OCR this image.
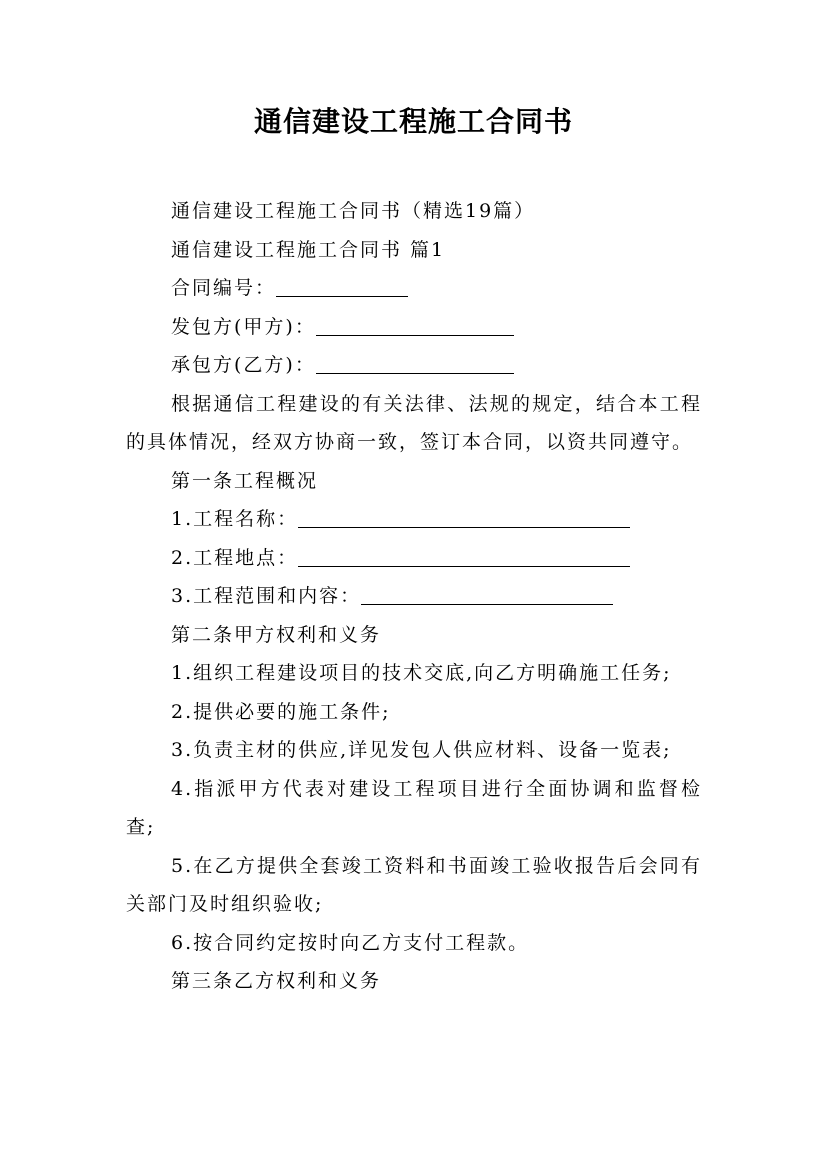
通信建设工程施工合同书

通信建设工程施工合同书（精选19篇）

通信建设工程施工合同书 篇1

合同编号：

发包方(甲方)：

承包方(乙方)：

根据通信工程建设的有关法律、法规的规定，结合本工程的具体情况，经双方协商一致，签订本合同，以资共同遵守。

第一条工程概况

1.工程名称：

2.工程地点：

3.工程范围和内容：

第二条甲方权利和义务

1.组织工程建设项目的技术交底,向乙方明确施工任务;

2.提供必要的施工条件;

3.负责主材的供应,详见发包人供应材料、设备一览表;

4.指派甲方代表对建设工程项目进行全面协调和监督检查;

5.在乙方提供全套竣工资料和书面竣工验收报告后会同有关部门及时组织验收;

6.按合同约定按时向乙方支付工程款。

第三条乙方权利和义务
